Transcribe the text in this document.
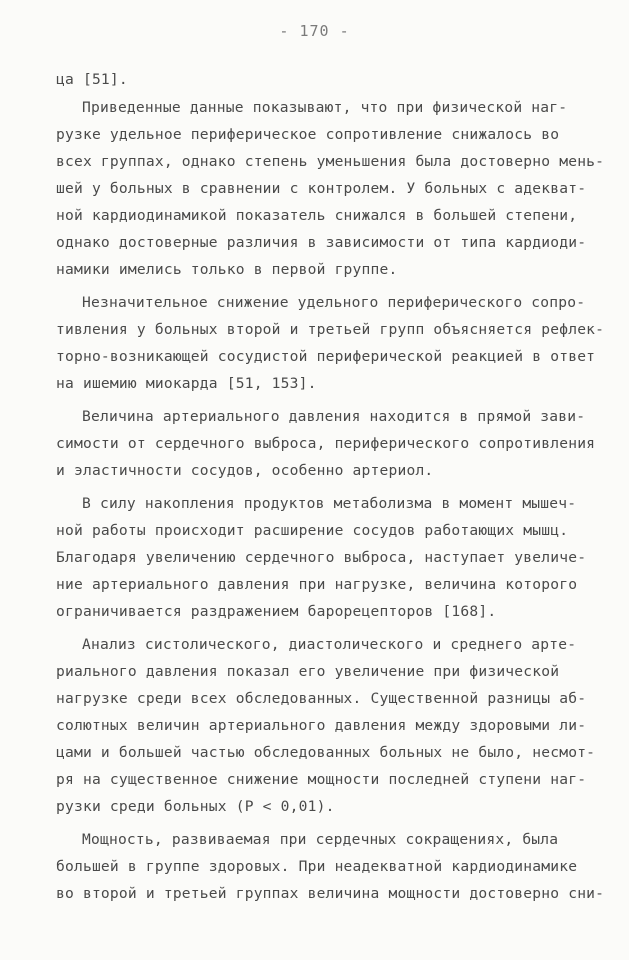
- 170 -
ца [51].
Приведенные данные показывают, что при физической наг-
рузке удельное периферическое сопротивление снижалось во
всех группах, однако степень уменьшения была достоверно мень-
шей у больных в сравнении с контролем. У больных с адекват-
ной кардиодинамикой показатель снижался в большей степени,
однако достоверные различия в зависимости от типа кардиоди-
намики имелись только в первой группе.
Незначительное снижение удельного периферического сопро-
тивления у больных второй и третьей групп объясняется рефлек-
торно-возникающей сосудистой периферической реакцией в ответ
на ишемию миокарда [51, 153].
Величина артериального давления находится в прямой зави-
симости от сердечного выброса, периферического сопротивления
и эластичности сосудов, особенно артериол.
В силу накопления продуктов метаболизма в момент мышеч-
ной работы происходит расширение сосудов работающих мышц.
Благодаря увеличению сердечного выброса, наступает увеличе-
ние артериального давления при нагрузке, величина которого
ограничивается раздражением барорецепторов [168].
Анализ систолического, диастолического и среднего арте-
риального давления показал его увеличение при физической
нагрузке среди всех обследованных. Существенной разницы аб-
солютных величин артериального давления между здоровыми ли-
цами и большей частью обследованных больных не было, несмот-
ря на существенное снижение мощности последней ступени наг-
рузки среди больных (Р < 0,01).
Мощность, развиваемая при сердечных сокращениях, была
большей в группе здоровых. При неадекватной кардиодинамике
во второй и третьей группах величина мощности достоверно сни-
